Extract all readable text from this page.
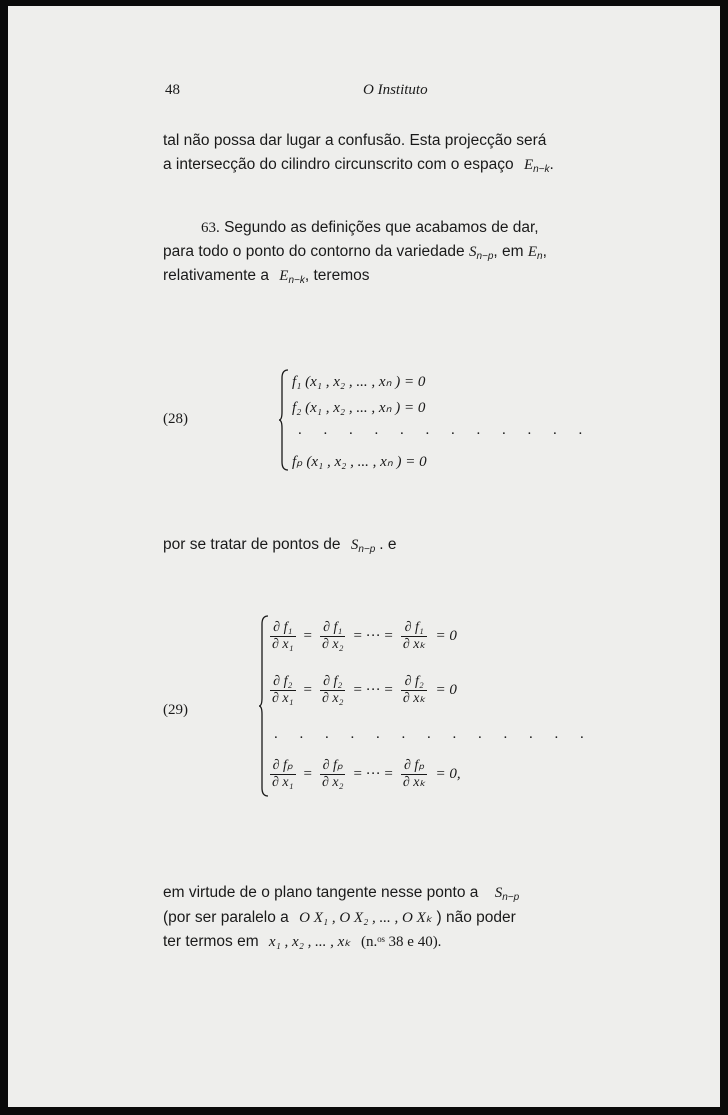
48	O Instituto
tal não possa dar lugar a confusão. Esta projecção será
a intersecção do cilindro circunscrito com o espaço $E_{n-k}$.
63. Segundo as definições que acabamos de dar,
para todo o ponto do contorno da variedade $S_{n-p}$, em $E_n$,
relativamente a $E_{n-k}$, teremos
(28)
f₁ (x₁ , x₂ , ... , xₙ ) = 0
f₂ (x₁ , x₂ , ... , xₙ ) = 0
. . . . . . . . . . . .
fₚ (x₁ , x₂ , ... , xₙ ) = 0
por se tratar de pontos de $S_{n-p}$ . e
(29)
$\frac{\text{∂ f₁}}{\text{∂ x₁}} = \frac{\text{∂ f₁}}{\text{∂ x₂}}$ = ··· = $\frac{\text{∂ f₁}}{\text{∂ xₖ}} = 0$
$\frac{\text{∂ f₂}}{\text{∂ x₁}} = \frac{\text{∂ f₂}}{\text{∂ x₂}}$ = ··· = $\frac{\text{∂ f₂}}{\text{∂ xₖ}} = 0$
. . . . . . . . . . . . .
$\frac{\text{∂ fₚ}}{\text{∂ x₁}} = \frac{\text{∂ fₚ}}{\text{∂ x₂}}$ = ··· = $\frac{\text{∂ fₚ}}{\text{∂ xₖ}} = 0$,
em virtude de o plano tangente nesse ponto a $S_{n-p}$
(por ser paralelo a O X₁ , O X₂ , ... , O Xₖ ) não poder
ter termos em x₁ , x₂ , ... , xₖ (n.ᵒˢ 38 e 40).
